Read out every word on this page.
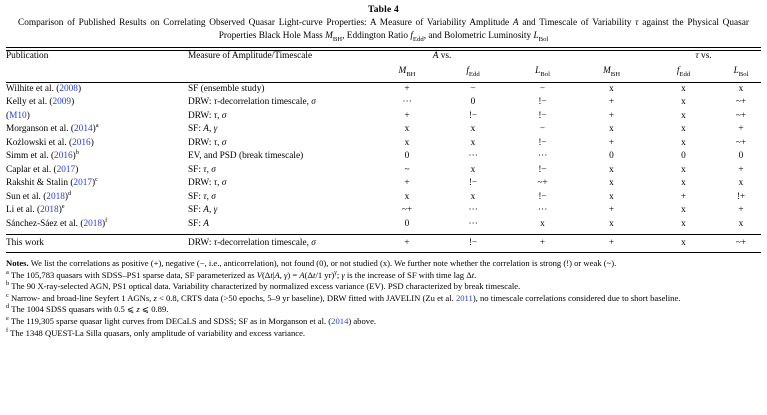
Table 4
Comparison of Published Results on Correlating Observed Quasar Light-curve Properties: A Measure of Variability Amplitude A and Timescale of Variability τ against the Physical Quasar Properties Black Hole Mass $M_{BH}$, Eddington Ratio $f_{Edd}$, and Bolometric Luminosity $L_{Bol}$
Publication	Measure of Amplitude/Timescale	A vs.				τ vs.	
		$M_{BH}$	$f_{Edd}$	$L_{Bol}$	$M_{BH}$	$f_{Edd}$	$L_{Bol}$
Wilhite et al. (2008)	SF (ensemble study)	+	−	−	x	x	x
Kelly et al. (2009)	DRW: τ-decorrelation timescale, σ	⋯	0	!−	+	x	~+
(M10)	DRW: τ, σ	+	!−	!−	+	x	~+
Morganson et al. $(2014)^a$	SF: A, γ	x	x	−	x	x	+
Kożlowski et al. (2016)	DRW: τ, σ	x	x	!−	+	x	~+
Simm et al. $(2016)^b$	EV, and PSD (break timescale)	0	⋯	⋯	0	0	0
Caplar et al. (2017)	SF: τ, σ	~	x	!−	x	x	+
Rakshit & Stalin $(2017)^c$	DRW: τ, σ	+	!−	~+	x	x	x
Sun et al. $(2018)^d$	SF: τ, σ	x	x	!−	x	+	!+
Li et al. $(2018)^e$	SF: A, γ	~+	⋯	⋯	+	x	+
Sánchez-Sáez et al. $(2018)^f$	SF: A	0	⋯	x	x	x	x
This work	DRW: τ-decorrelation timescale, σ	+	!−	+	+	x	~+

Notes. We list the correlations as positive (+), negative (−, i.e., anticorrelation), not found (0), or not studied (x). We further note whether the correlation is strong (!) or weak (~).

$^a$ The 105,783 quasars with SDSS–PS1 sparse data, SF parameterized as V(Δt|A, γ) = A(Δt/1 yr)$^\gamma$; γ is the increase of SF with time lag Δt.

$^b$ The 90 X-ray-selected AGN, PS1 optical data. Variability characterized by normalized excess variance (EV). PSD characterized by break timescale.

$^c$ Narrow- and broad-line Seyfert 1 AGNs, z < 0.8, CRTS data (>50 epochs, 5–9 yr baseline), DRW fitted with JAVELIN (Zu et al. 2011), no timescale correlations considered due to short baseline.

$^d$ The 1004 SDSS quasars with 0.5 ⩽ z ⩽ 0.89.

$^e$ The 119,305 sparse quasar light curves from DECaLS and SDSS; SF as in Morganson et al. (2014) above.

$^f$ The 1348 QUEST-La Silla quasars, only amplitude of variability and excess variance.
